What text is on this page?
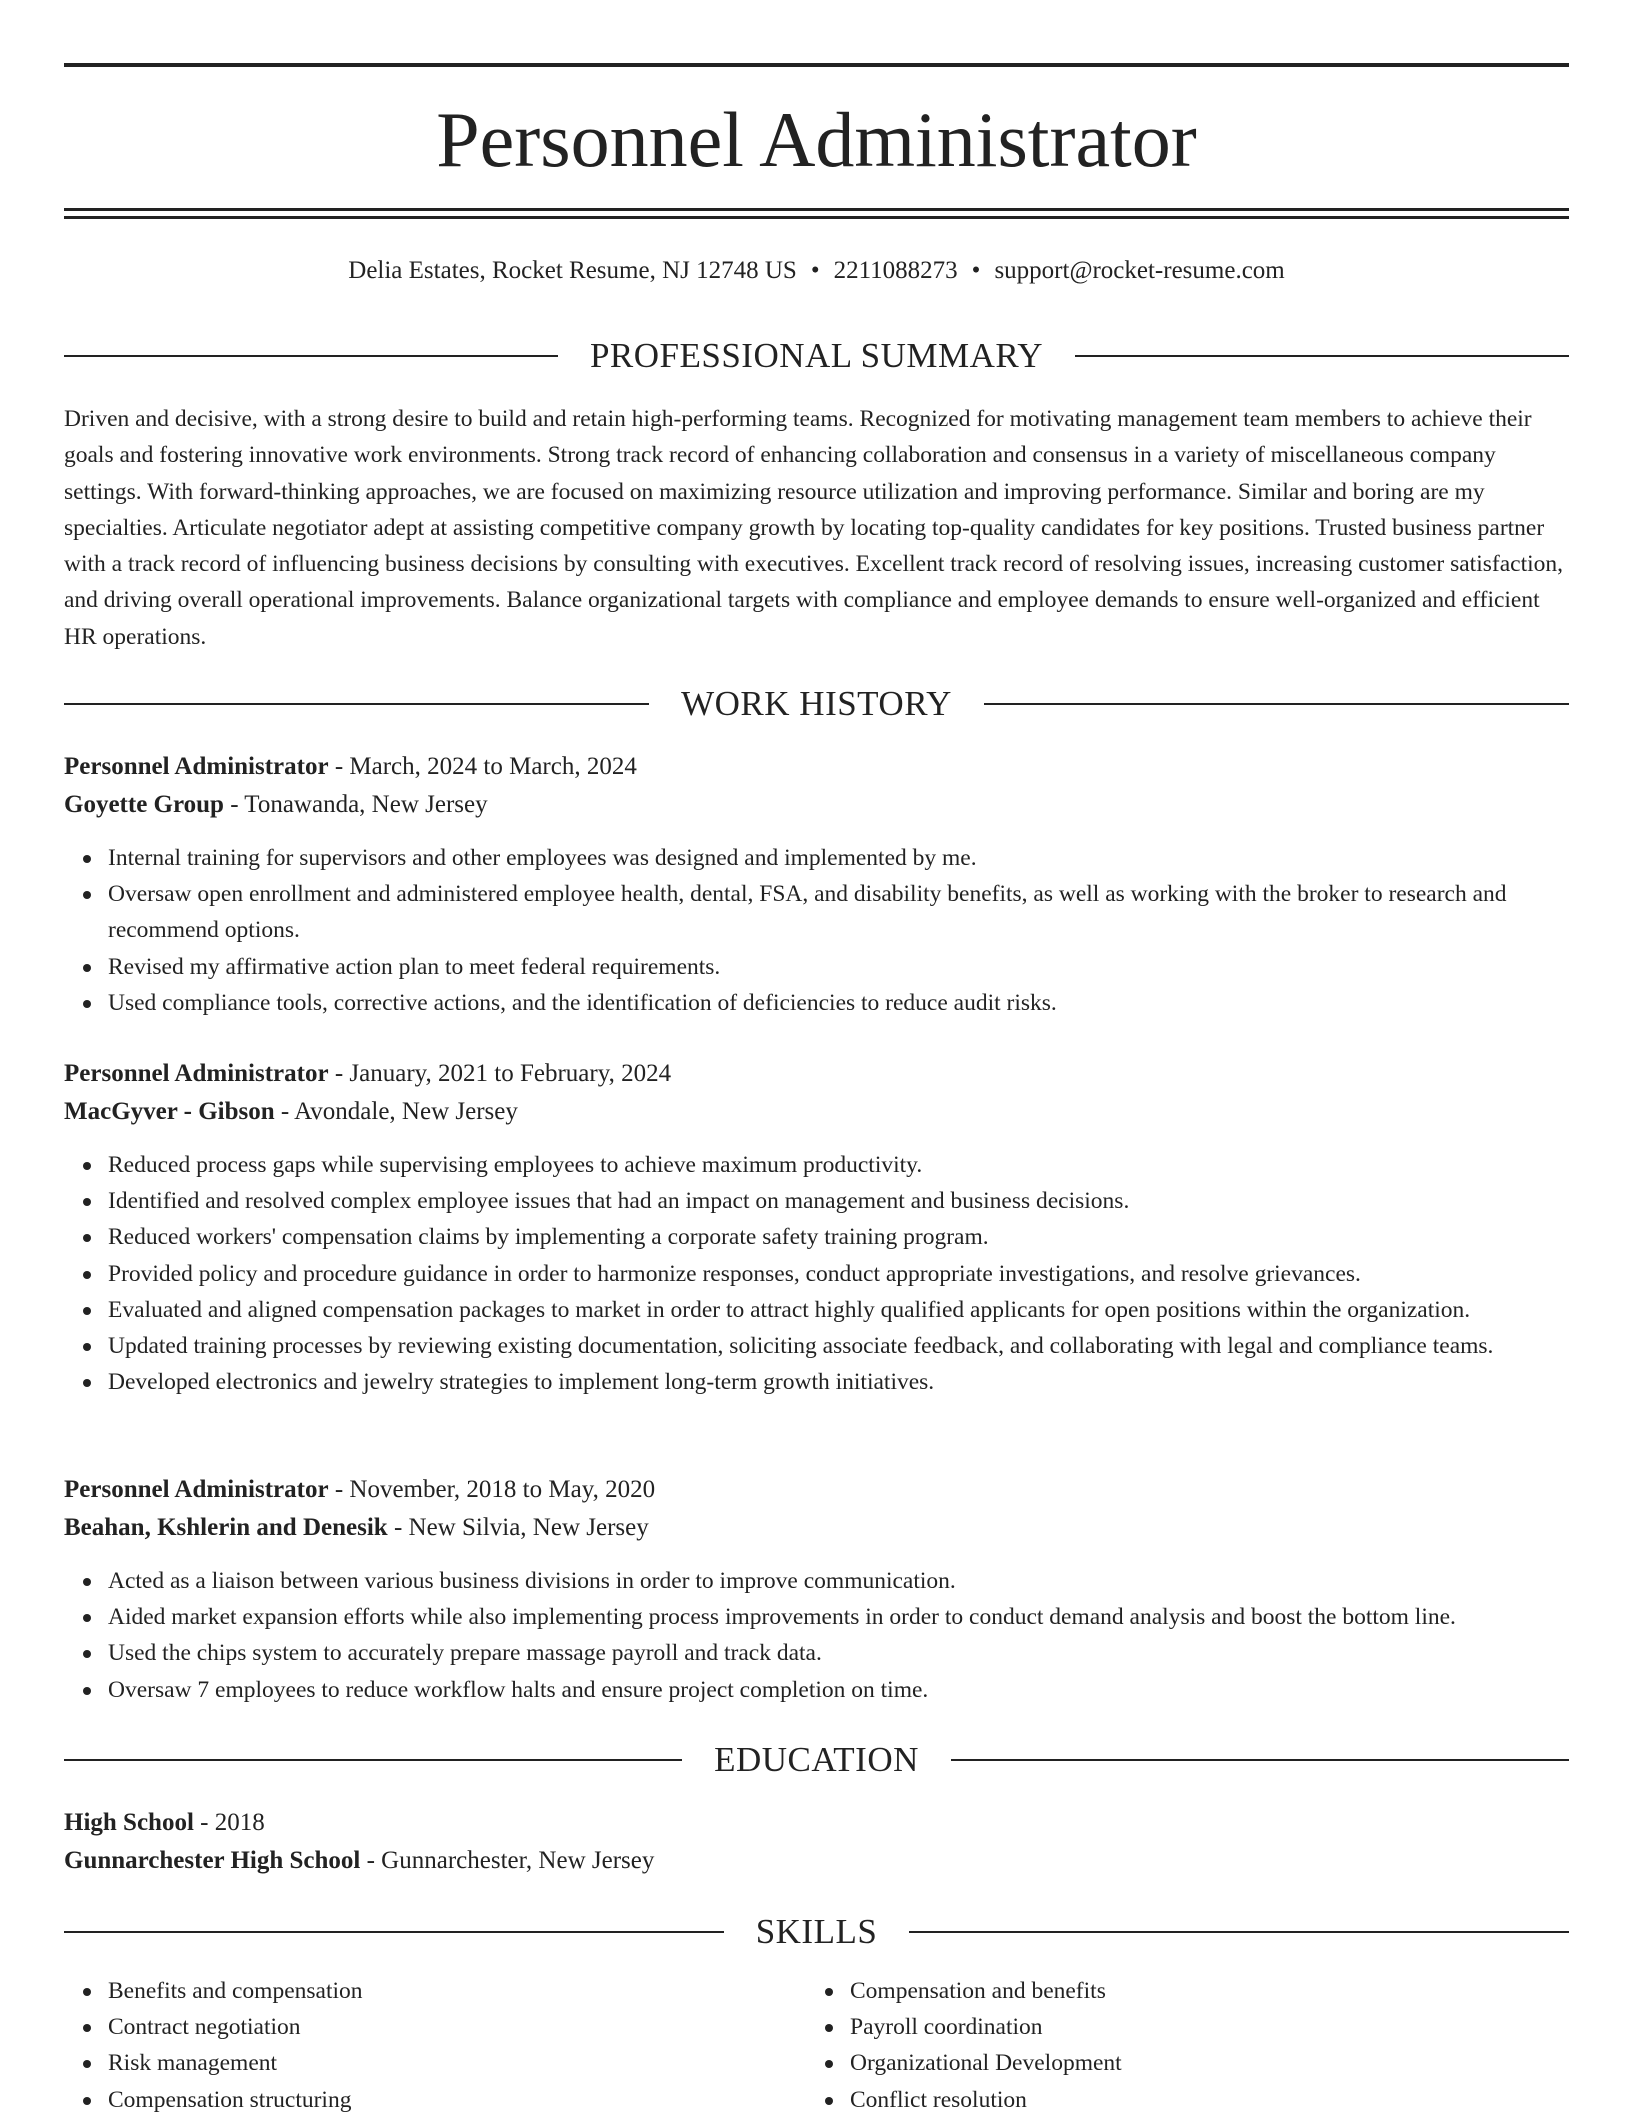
Personnel Administrator
Delia Estates, Rocket Resume, NJ 12748 US • 2211088273 • support@rocket-resume.com
PROFESSIONAL SUMMARY

Driven and decisive, with a strong desire to build and retain high-performing teams. Recognized for motivating management team members to achieve their goals and fostering innovative work environments. Strong track record of enhancing collaboration and consensus in a variety of miscellaneous company settings. With forward-thinking approaches, we are focused on maximizing resource utilization and improving performance. Similar and boring are my specialties. Articulate negotiator adept at assisting competitive company growth by locating top-quality candidates for key positions. Trusted business partner with a track record of influencing business decisions by consulting with executives. Excellent track record of resolving issues, increasing customer satisfaction, and driving overall operational improvements. Balance organizational targets with compliance and employee demands to ensure well-organized and efficient HR operations.

WORK HISTORY
Personnel Administrator - March, 2024 to March, 2024
Goyette Group - Tonawanda, New Jersey
Internal training for supervisors and other employees was designed and implemented by me.
Oversaw open enrollment and administered employee health, dental, FSA, and disability benefits, as well as working with the broker to research and recommend options.
Revised my affirmative action plan to meet federal requirements.
Used compliance tools, corrective actions, and the identification of deficiencies to reduce audit risks.
Personnel Administrator - January, 2021 to February, 2024
MacGyver - Gibson - Avondale, New Jersey
Reduced process gaps while supervising employees to achieve maximum productivity.
Identified and resolved complex employee issues that had an impact on management and business decisions.
Reduced workers' compensation claims by implementing a corporate safety training program.
Provided policy and procedure guidance in order to harmonize responses, conduct appropriate investigations, and resolve grievances.
Evaluated and aligned compensation packages to market in order to attract highly qualified applicants for open positions within the organization.
Updated training processes by reviewing existing documentation, soliciting associate feedback, and collaborating with legal and compliance teams.
Developed electronics and jewelry strategies to implement long-term growth initiatives.
Personnel Administrator - November, 2018 to May, 2020
Beahan, Kshlerin and Denesik - New Silvia, New Jersey
Acted as a liaison between various business divisions in order to improve communication.
Aided market expansion efforts while also implementing process improvements in order to conduct demand analysis and boost the bottom line.
Used the chips system to accurately prepare massage payroll and track data.
Oversaw 7 employees to reduce workflow halts and ensure project completion on time.
EDUCATION
High School - 2018
Gunnarchester High School - Gunnarchester, New Jersey
SKILLS
Benefits and compensation
Contract negotiation
Risk management
Compensation structuring
Compensation and benefits
Payroll coordination
Organizational Development
Conflict resolution
